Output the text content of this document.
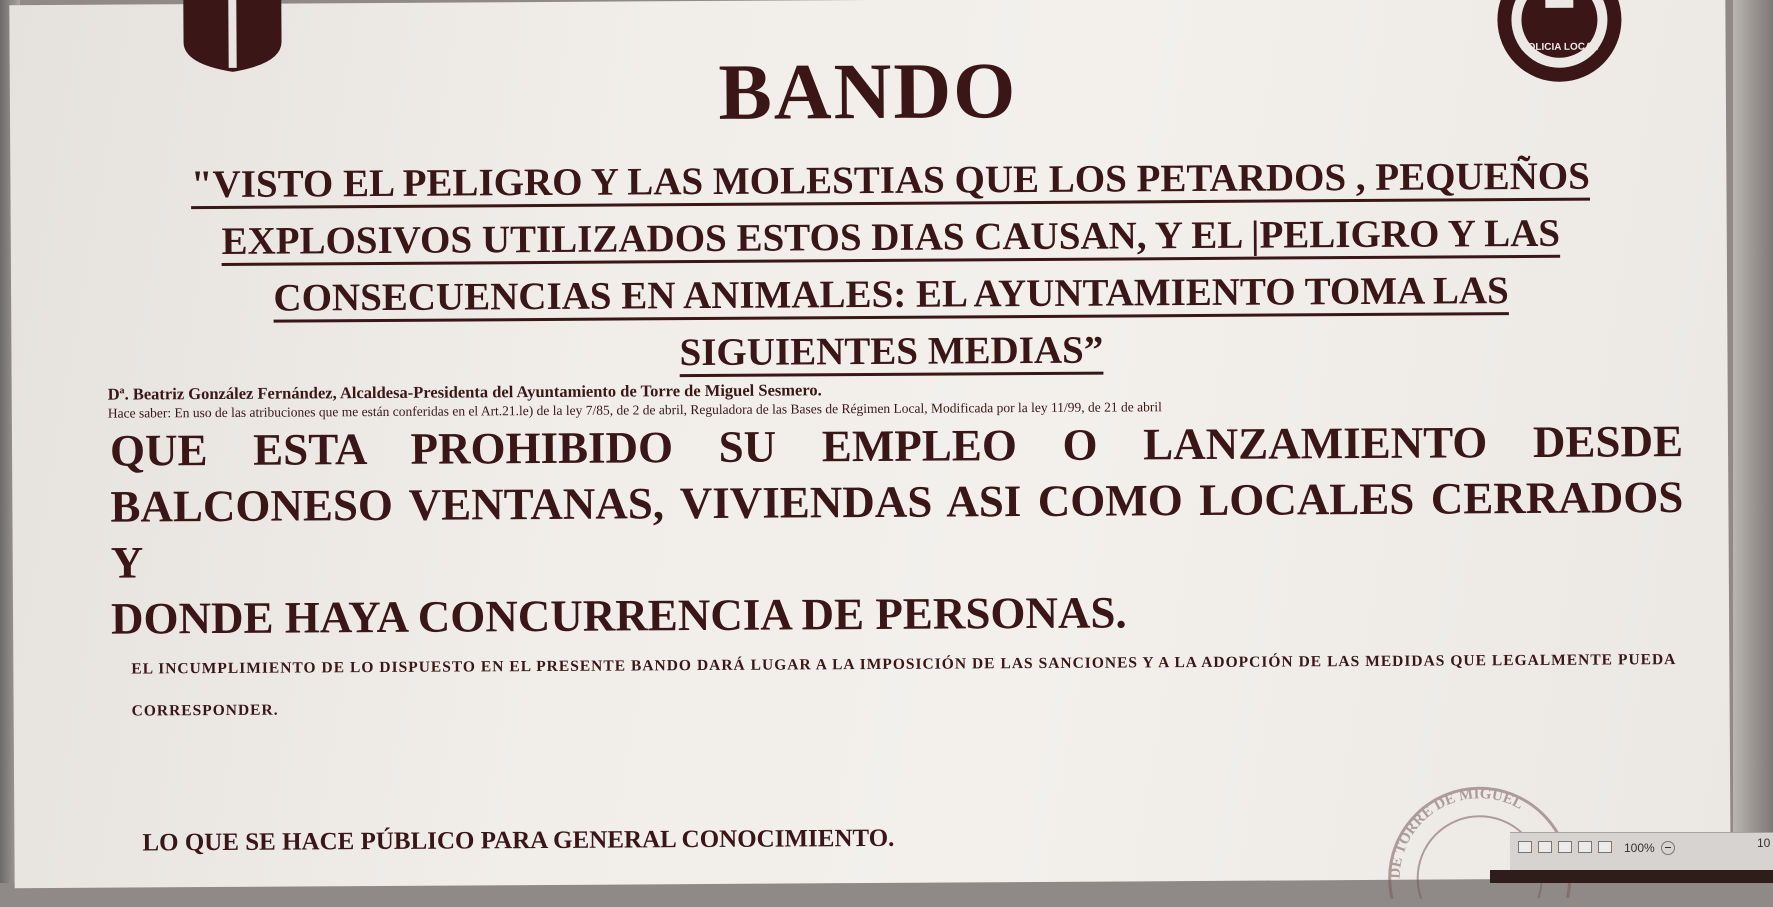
POLICIA LOCAL
BANDO
"VISTO EL PELIGRO Y LAS MOLESTIAS QUE LOS PETARDOS , PEQUEÑOS
EXPLOSIVOS UTILIZADOS ESTOS DIAS CAUSAN, Y EL |PELIGRO Y LAS
CONSECUENCIAS EN ANIMALES: EL AYUNTAMIENTO TOMA LAS
SIGUIENTES MEDIAS”
Dª. Beatriz González Fernández, Alcaldesa-Presidenta del Ayuntamiento de Torre de Miguel Sesmero.
Hace saber: En uso de las atribuciones que me están conferidas en el Art.21.le) de la ley 7/85, de 2 de abril, Reguladora de las Bases de Régimen Local, Modificada por la ley 11/99, de 21 de abril
QUE ESTA PROHIBIDO SU EMPLEO O LANZAMIENTO DESDE
BALCONESO VENTANAS, VIVIENDAS ASI COMO LOCALES CERRADOS Y
DONDE HAYA CONCURRENCIA DE PERSONAS.
EL INCUMPLIMIENTO DE LO DISPUESTO EN EL PRESENTE BANDO DARÁ LUGAR A LA IMPOSICIÓN DE LAS SANCIONES Y A LA ADOPCIÓN DE LAS MEDIDAS QUE LEGALMENTE PUEDA CORRESPONDER.
DE TORRE DE MIGUEL
LO QUE SE HACE PÚBLICO PARA GENERAL CONOCIMIENTO.	100%	10
